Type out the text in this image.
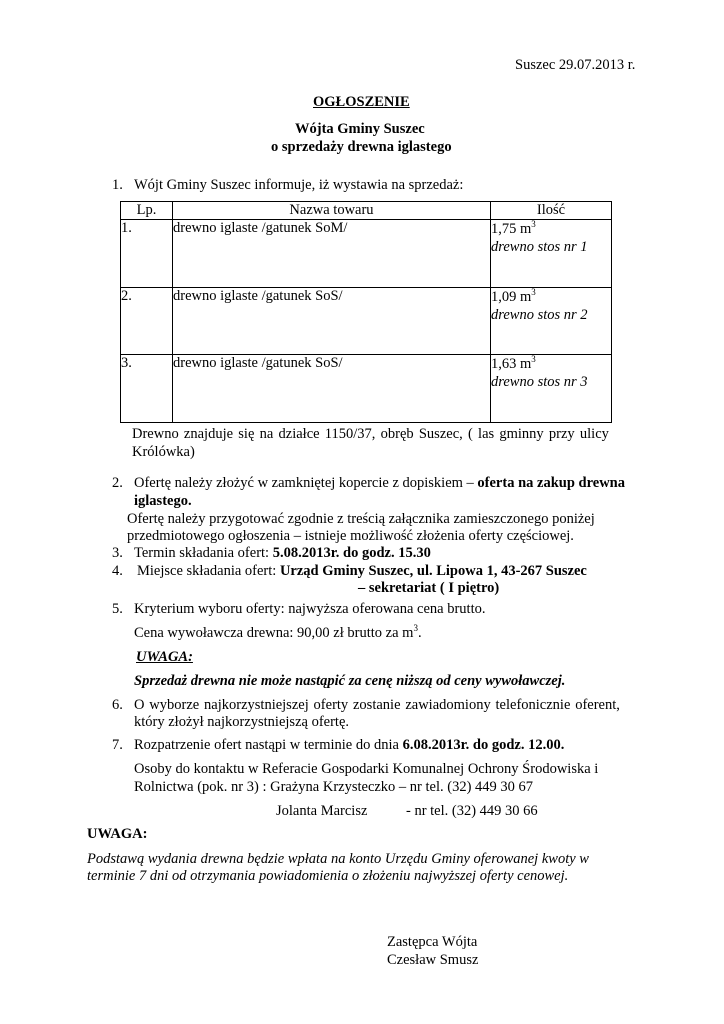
Suszec 29.07.2013 r.
OGŁOSZENIE
Wójta Gminy Suszec
o sprzedaży drewna iglastego
1. Wójt Gminy Suszec informuje, iż wystawia na sprzedaż:
Lp.	Nazwa towaru	Ilość
1.	drewno iglaste /gatunek SoM/	1,75 $m^3$
drewno stos nr 1
2.	drewno iglaste /gatunek SoS/	1,09 $m^3$
drewno stos nr 2
3.	drewno iglaste /gatunek SoS/	1,63 $m^3$
drewno stos nr 3
Drewno znajduje się na działce 1150/37, obręb Suszec, ( las gminny przy ulicy
Królówka)
2. Ofertę należy złożyć w zamkniętej kopercie z dopiskiem – oferta na zakup drewna
iglastego.
Ofertę należy przygotować zgodnie z treścią załącznika zamieszczonego poniżej
przedmiotowego ogłoszenia – istnieje możliwość złożenia oferty częściowej.
3. Termin składania ofert: 5.08.2013r. do godz. 15.30
4. Miejsce składania ofert: Urząd Gminy Suszec, ul. Lipowa 1, 43-267 Suszec
– sekretariat ( I piętro)
5. Kryterium wyboru oferty: najwyższa oferowana cena brutto.
Cena wywoławcza drewna: 90,00 zł brutto za $m^3$.
UWAGA:
Sprzedaż drewna nie może nastąpić za cenę niższą od ceny wywoławczej.
6. O wyborze najkorzystniejszej oferty zostanie zawiadomiony telefonicznie oferent,
który złożył najkorzystniejszą ofertę.
7. Rozpatrzenie ofert nastąpi w terminie do dnia 6.08.2013r. do godz. 12.00.
Osoby do kontaktu w Referacie Gospodarki Komunalnej Ochrony Środowiska i
Rolnictwa (pok. nr 3) : Grażyna Krzysteczko – nr tel. (32) 449 30 67
Jolanta Marcisz	- nr tel. (32) 449 30 66
UWAGA:
Podstawą wydania drewna będzie wpłata na konto Urzędu Gminy oferowanej kwoty w
terminie 7 dni od otrzymania powiadomienia o złożeniu najwyższej oferty cenowej.
Zastępca Wójta
Czesław Smusz
